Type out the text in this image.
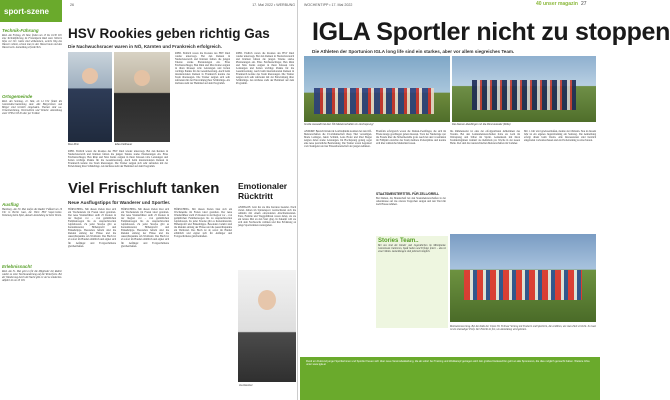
sport-szene
26	17. Mai 2022 • WERBUNG
Technik-Führung
Ried. Am Freitag, 20. Mai, finden um 15 bis 16.30 Uhr eine Technikführung im Freizeitpark Ried statt. Weitere Infos vor Ort. Gäste sind willkommen, welche Weg des Wassers nimmt, schaut man in den Wasserraum und das Wasserwerk. Anmeldung erforderlich.
Ortsgemeinde
Ried. Am Sonntag, 22. Mai, ab 14 Uhr findet die Gemeindeversammlung statt. Alle Bürgerinnen und Bürger sind herzlich eingeladen. Themen sind u.a. Ortsentwicklung, Vereinsleben und Verkehr. Anmeldung unter 07952/12345 oder per E-Mail.
Ausflug
Hamburg. Am 30. Mai laufen die Radler Fußball um 19 Uhr in Berlin Gast, die Wirte HSV Super-Gäste. Stimmung beim Spiel, danach Anmeldung ist beim Verein.
Erlebnisnacht
Ried. Am 31. Mai geht es für die Mitglieder der Radler wieder zu einer Nachtwanderung auf die Winterfeste. Bei der Wanderung durch die Nacht gibt es viel zu entdecken. Abfahrt ist um 20 Uhr.
HSV Rookies geben richtig Gas
Die Nachwuchsracer waren in NÖ, Kärnten und Frankreich erfolgreich.
Max Rinn	Elias Feilhauer
RIED. Endlich waren die Rookies des HSV Ried wieder unterwegs. Bei den Rennen in Niederösterreich und Kärnten fuhren die jungen Talente starke Platzierungen ein. Elias Feichtenschlager, Ben Rinn und Max Kainz zeigten in ihren Klassen tolle Leistungen und holten wichtige Punkte für die Gesamtwertung. Auch beim internationalen Rennen in Frankreich konnte das Team überzeugen. Die Trainer zeigten sich sehr zufrieden mit der Entwicklung ihrer Schützlinge. Als nächstes steht der Heimlauf auf dem Programm.
RIED. Endlich waren die Rookies des HSV Ried wieder unterwegs. Bei den Rennen in Niederösterreich und Kärnten fuhren die jungen Talente starke Platzierungen ein. Elias Feichtenschlager, Ben Rinn und Max Kainz zeigten in ihren Klassen tolle Leistungen und holten wichtige Punkte für die Gesamtwertung. Auch beim internationalen Rennen in Frankreich konnte das Team überzeugen. Die Trainer zeigten sich sehr zufrieden mit der Entwicklung ihrer Schützlinge. Als nächstes steht der Heimlauf auf dem Programm.
RIED. Endlich waren die Rookies des HSV Ried wieder unterwegs. Bei den Rennen in Niederösterreich und Kärnten fuhren die jungen Talente starke Platzierungen ein. Elias Feichtenschlager, Ben Rinn und Max Kainz zeigten in ihren Klassen tolle Leistungen und holten wichtige Punkte für die Gesamtwertung. Auch beim internationalen Rennen in Frankreich konnte das Team überzeugen. Die Trainer zeigten sich sehr zufrieden mit der Entwicklung ihrer Schützlinge. Als nächstes steht der Heimlauf auf dem Programm.
Viel Frischluft tanken
Neue Ausflugstipps für Wanderer und Sportler.
HÖRSCHING. Mit diesen Zielen lässt sich ein Wochenende im Freien ideal gestalten. Der neue Wanderführer stellt 25 Routen in der Region vor – von gemütlichen Familienwegen bis zu anspruchsvollen Gipfeltouren. Zu jeder Strecke gibt es Kartenmaterial, Höhenprofil und Einkehrtipps. Besonders beliebt sind die Runden entlang der Flüsse und die Aussichtspunkte am Waldrand. Das Buch ist ab sofort im Handel erhältlich und eignet sich für Anfänger und Fortgeschrittene gleichermaßen.
HÖRSCHING. Mit diesen Zielen lässt sich ein Wochenende im Freien ideal gestalten. Der neue Wanderführer stellt 25 Routen in der Region vor – von gemütlichen Familienwegen bis zu anspruchsvollen Gipfeltouren. Zu jeder Strecke gibt es Kartenmaterial, Höhenprofil und Einkehrtipps. Besonders beliebt sind die Runden entlang der Flüsse und die Aussichtspunkte am Waldrand. Das Buch ist ab sofort im Handel erhältlich und eignet sich für Anfänger und Fortgeschrittene gleichermaßen.
HÖRSCHING. Mit diesen Zielen lässt sich ein Wochenende im Freien ideal gestalten. Der neue Wanderführer stellt 25 Routen in der Region vor – von gemütlichen Familienwegen bis zu anspruchsvollen Gipfeltouren. Zu jeder Strecke gibt es Kartenmaterial, Höhenprofil und Einkehrtipps. Besonders beliebt sind die Runden entlang der Flüsse und die Aussichtspunkte am Waldrand. Das Buch ist ab sofort im Handel erhältlich und eignet sich für Anfänger und Fortgeschrittene gleichermaßen.
Emotionaler Rücktritt
ANSBACH. Jetzt hat sie ihre Karriere beendet. Nach vielen Jahren im Spitzensport verabschiedet sich die Athletin mit einem emotionalen Abschiedsrennen. Fans, Familie und Weggefährten waren dabei, als sie ein letztes Mal an den Start ging. In Zukunft will sie sich dem Nachwuchs widmen und ihre Erfahrung an junge Sportlerinnen weitergeben.
Ina Deutner
WOCHENTIPP • 17. Mai 2022	40 unser magazin 27
IGLA Sportler nicht zu stoppen
Die Athleten der Sportunion IGLA long life sind ein starkes, aber vor allem siegreiches Team.
Große Auswahl bei den ÖF-Meisterschaften im Hochsprung!	Die Damen-Zweifinger mit Ida Rimmesteder (Mitte)
ANDORF. Bereich Kinder & Leichtathletik konnten bei den OÖ-Meisterschaften die U14-Mannschaft ihren Titel verteidigen. Marie Leitinger, Jakob Schmid, Lena Hofer und Paul Berger zeigten dabei starke Leistungen. Im Hochsprung gelang sogar eine neue persönliche Bestleistung. Die Trainer waren begeistert vom Teamgeist und der Einsatzbereitschaft der jungen Athleten.
Ebenfalls erfolgreich waren die Damen-Zweifinger, die sich im Finale knapp geschlagen geben mussten. Trotz der Niederlage war die Freude über die Silbermedaille groß. Auch bei den Crossläufen im Frühjahr erreichte das Team mehrere Podestplätze und konnte sich über zahlreiche Medaillen freuen.
STAATSMEISTERTITEL FÜR ZELL/GRELL
Bei Damen, die Mannschaft bei den Staatsmeisterschaften in der Altersklasse auf das oberste Treppchen steigen und den Titel mit nach Hause nehmen.
Ida Rimmesteder ist eine der erfolgreichsten Athletinnen des Vereins. Bei den Landesmeisterschaften holte sie Gold im Weitsprung und Silber im Sprint. Gemeinsam mit ihren Teamkolleginnen trainiert sie mehrmals pro Woche in der neuen Halle. Ziel sind die österreichischen Meisterschaften im Sommer.
Mit 1. Juli wird gewissermaßen, meinte der Obmann. Neu in diesem Jahr ist ein eigenes Jugendtraining am Samstag. Die Anmeldung erfolgt direkt beim Verein. Alle Interessierten sind herzlich eingeladen vorbeizuschauen und ein Probetraining zu absolvieren.
Stories Team..
Bei uns sind die Kinder und Jugendlichen im Mittelpunkt. Gemeinsam trainieren, Spaß haben und Erfolge feiern – das ist unser Motto. Anmeldungen sind jederzeit möglich.
Motivationsvortrag. Bei den Kids der Union 30. Februar Vortrag mit Trainern und Sportlern, die erzählen, wie man Ziele erreicht. Zu Gast ist ein ehemaliger Profi. Der Eintritt ist frei, um Anmeldung wird gebeten.
Rund ein Dutzend junger Sportlerinnen und Sportler freuen sich über neue Vereinsbekleidung, die ab sofort bei Training und Wettkampf getragen wird. Ein großes Dankeschön geht an alle Sponsoren, die dies möglich gemacht haben. Weitere Infos unter www.igla.at
